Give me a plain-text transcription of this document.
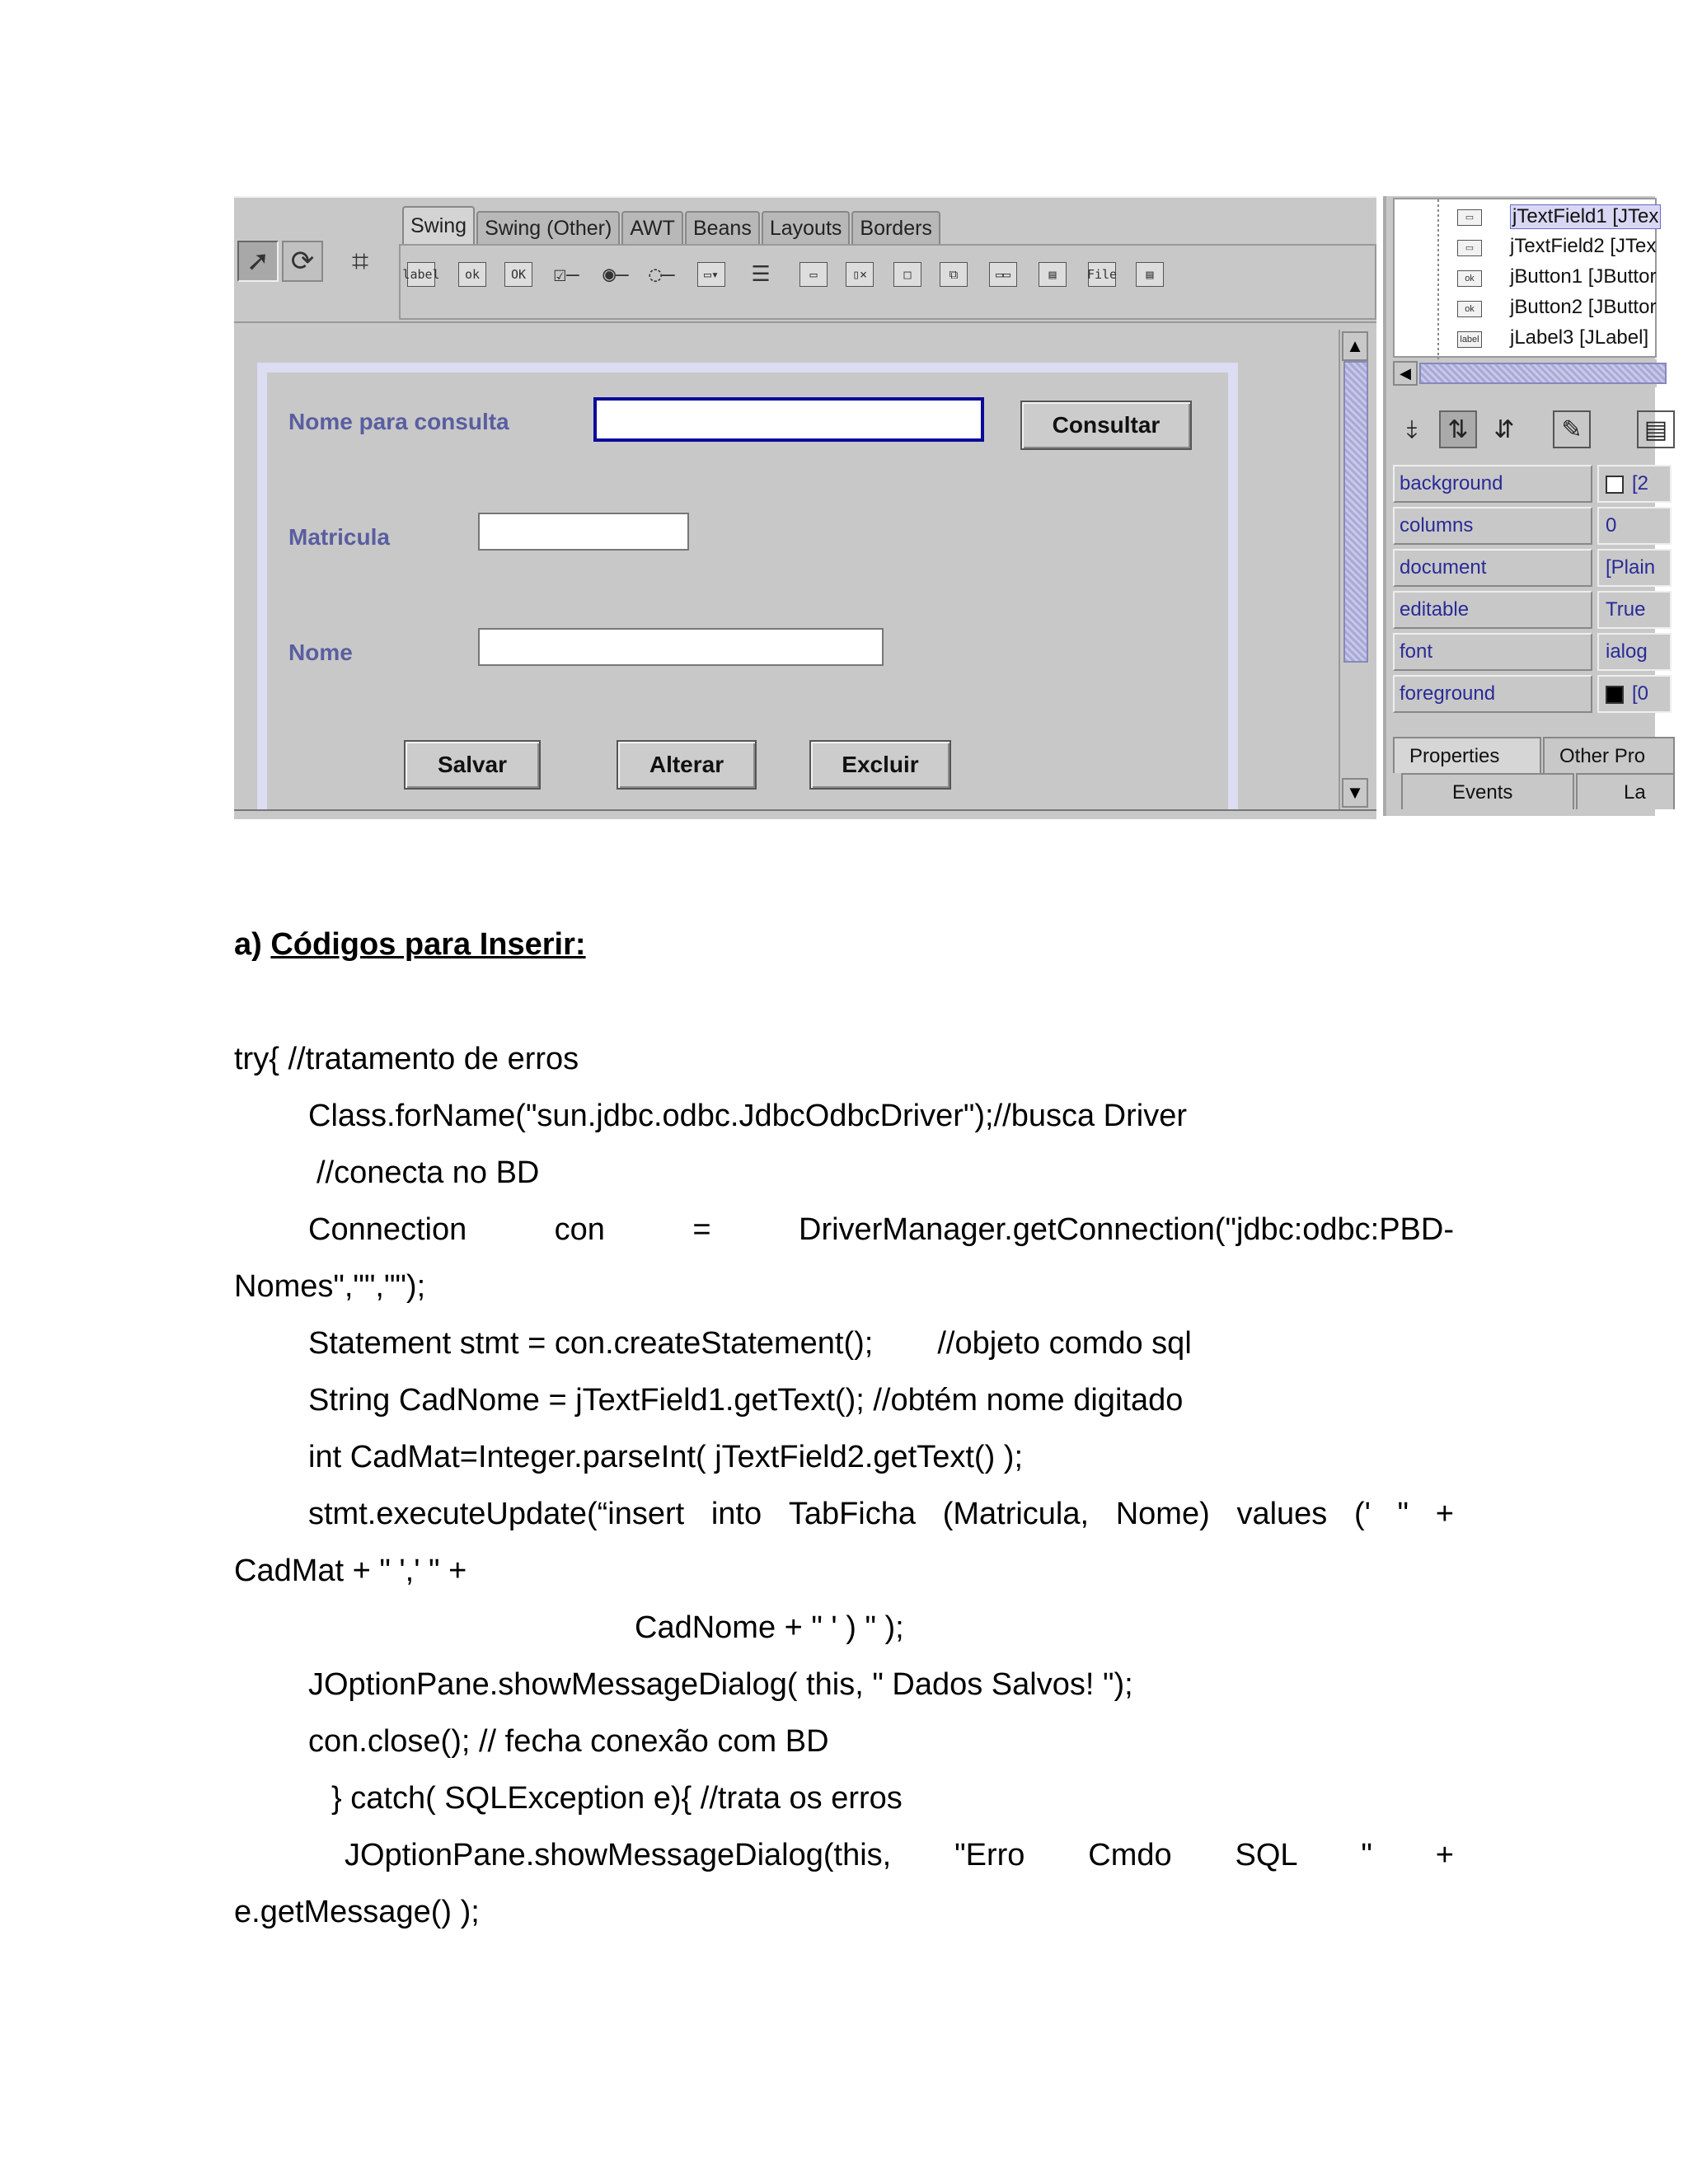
➚ ⟳	⌗
Swing Swing (Other) AWT Beans Layouts Borders
label	ok	OK	☑— ◉— ◌—	▭▾	☰	▭	▯×	□	⧉	▭▭	▤	File	▤
Nome para consulta	Consultar
Matricula
Nome
Salvar	Alterar	Excluir
▲
▼
▭	jTextField1 [JTex
▭	jTextField2 [JTex
ok	jButton1 [JButtor
ok	jButton2 [JButtor
label jLabel3 [JLabel]
◀
⤈	⇅	⇵	✎	▤
background	[2
columns	0
document	[Plain
editable	True
font	ialog
foreground	[0
Properties	Other Pro
Events	La
a) Códigos para Inserir:
try{ //tratamento de erros
Class.forName("sun.jdbc.odbc.JdbcOdbcDriver");//busca Driver
//conecta no BD
Connection	con	=	DriverManager.getConnection("jdbc:odbc:PBD-
Nomes","","");
Statement stmt = con.createStatement(); //objeto comdo sql
String CadNome = jTextField1.getText(); //obtém nome digitado
int CadMat=Integer.parseInt( jTextField2.getText() );
stmt.executeUpdate(“insert into TabFicha (Matricula, Nome) values (' " +
CadMat + " ',' " +
CadNome + " ' ) " );
JOptionPane.showMessageDialog( this, " Dados Salvos! ");
con.close(); // fecha conexão com BD
} catch( SQLException e){ //trata os erros
JOptionPane.showMessageDialog(this, "Erro Cmdo SQL " +
e.getMessage() );
